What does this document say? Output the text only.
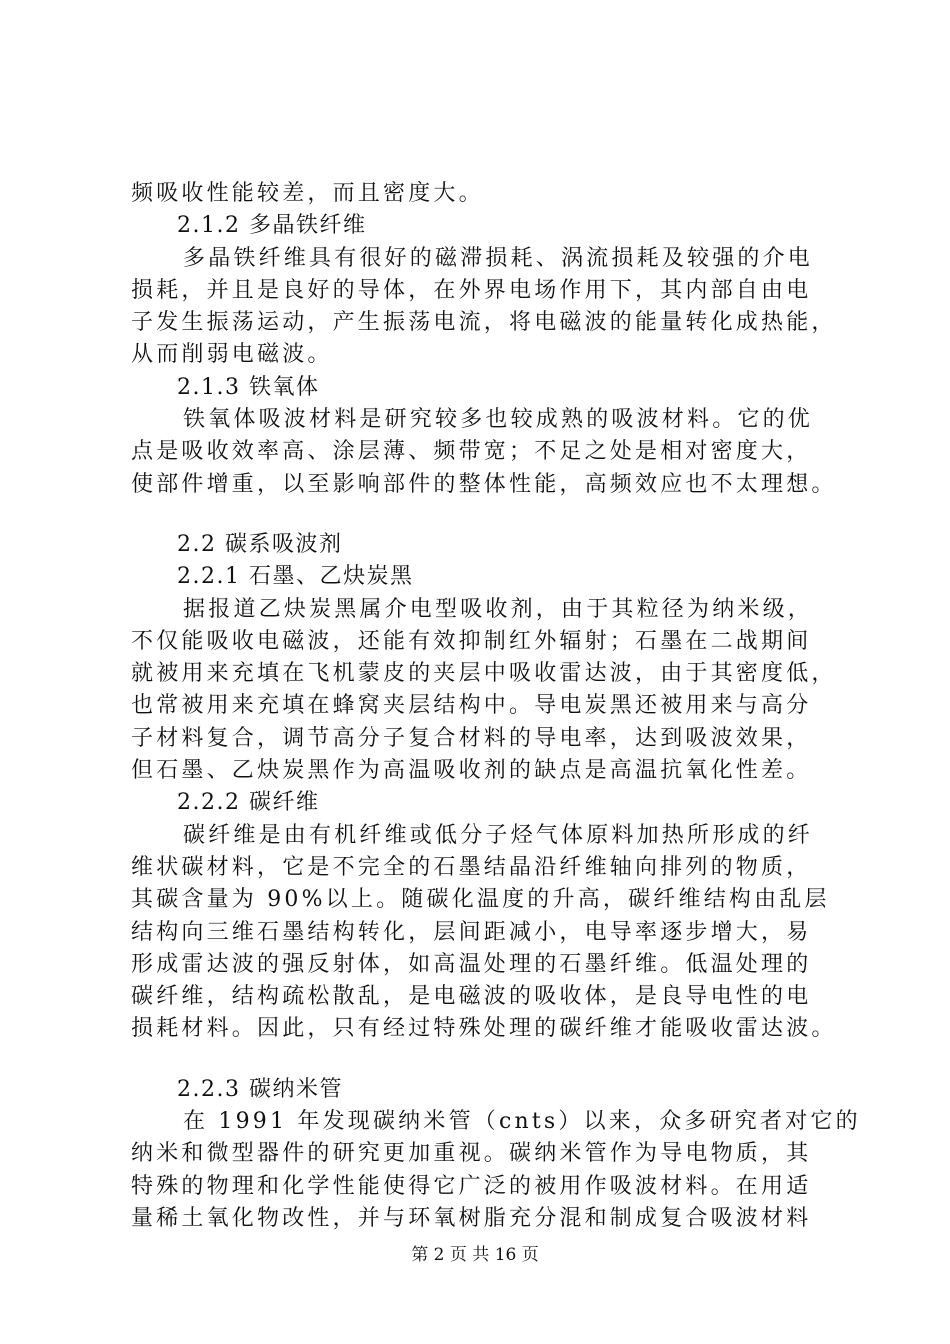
频吸收性能较差，而且密度大。
2.1.2 多晶铁纤维
多晶铁纤维具有很好的磁滞损耗、涡流损耗及较强的介电
损耗，并且是良好的导体，在外界电场作用下，其内部自由电
子发生振荡运动，产生振荡电流，将电磁波的能量转化成热能，
从而削弱电磁波。
2.1.3 铁氧体
铁氧体吸波材料是研究较多也较成熟的吸波材料。它的优
点是吸收效率高、涂层薄、频带宽；不足之处是相对密度大，
使部件增重，以至影响部件的整体性能，高频效应也不太理想。
2.2 碳系吸波剂
2.2.1 石墨、乙炔炭黑
据报道乙炔炭黑属介电型吸收剂，由于其粒径为纳米级，
不仅能吸收电磁波，还能有效抑制红外辐射；石墨在二战期间
就被用来充填在飞机蒙皮的夹层中吸收雷达波，由于其密度低，
也常被用来充填在蜂窝夹层结构中。导电炭黑还被用来与高分
子材料复合，调节高分子复合材料的导电率，达到吸波效果，
但石墨、乙炔炭黑作为高温吸收剂的缺点是高温抗氧化性差。
2.2.2 碳纤维
碳纤维是由有机纤维或低分子烃气体原料加热所形成的纤
维状碳材料，它是不完全的石墨结晶沿纤维轴向排列的物质，
其碳含量为 90%以上。随碳化温度的升高，碳纤维结构由乱层
结构向三维石墨结构转化，层间距减小，电导率逐步增大，易
形成雷达波的强反射体，如高温处理的石墨纤维。低温处理的
碳纤维，结构疏松散乱，是电磁波的吸收体，是良导电性的电
损耗材料。因此，只有经过特殊处理的碳纤维才能吸收雷达波。
2.2.3 碳纳米管
在 1991 年发现碳纳米管（cnts）以来，众多研究者对它的
纳米和微型器件的研究更加重视。碳纳米管作为导电物质，其
特殊的物理和化学性能使得它广泛的被用作吸波材料。在用适
量稀土氧化物改性，并与环氧树脂充分混和制成复合吸波材料
第 2 页 共 16 页
